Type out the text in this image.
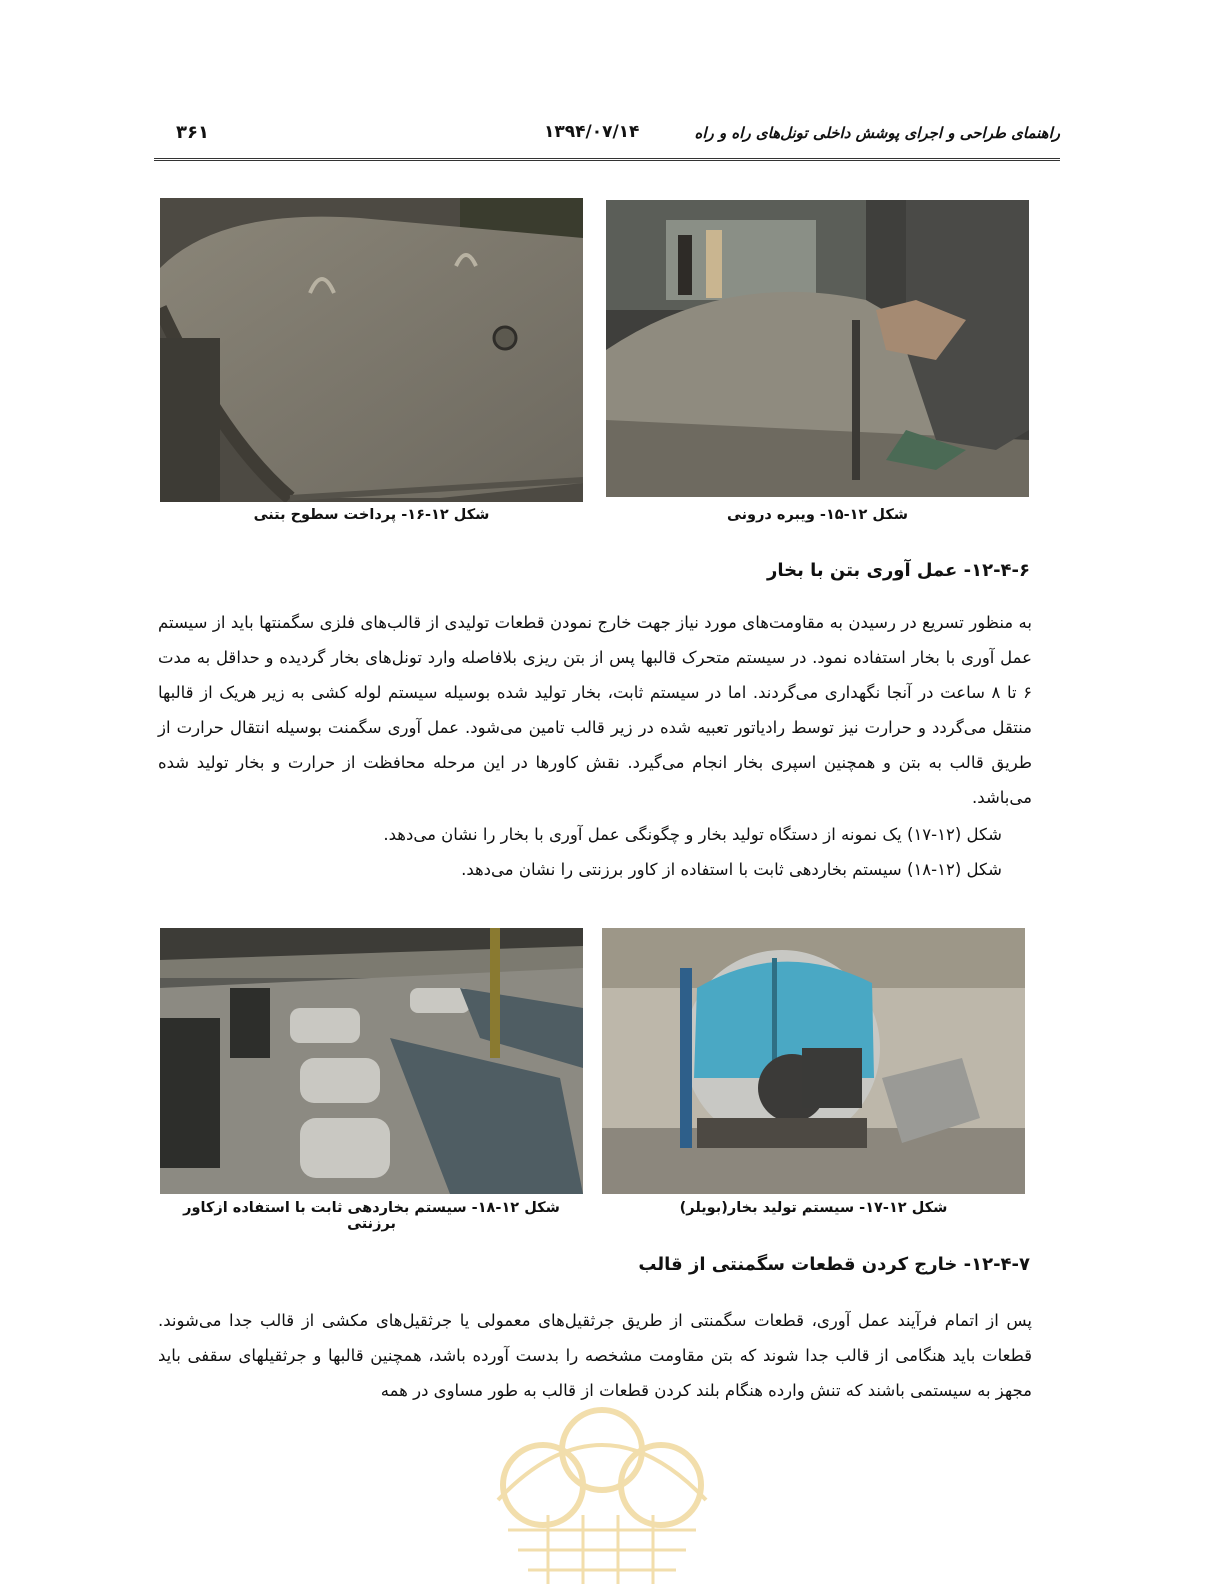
راهنمای طراحی و اجرای پوشش داخلی تونل‌های راه و راه
۱۳۹۴/۰۷/۱۴
۳۶۱
شکل ۱۲-۱۶- پرداخت سطوح بتنی	شکل ۱۲-۱۵- ویبره درونی
۱۲-۴-۶- عمل آوری بتن با بخار

به منظور تسریع در رسیدن به مقاومت‌های مورد نیاز جهت خارج نمودن قطعات تولیدی از قالب‌های فلزی سگمنتها باید از سیستم عمل آوری با بخار استفاده نمود. در سیستم متحرک قالبها پس از بتن ریزی بلافاصله وارد تونل‌های بخار گردیده و حداقل به مدت ۶ تا ۸ ساعت در آنجا نگهداری می‌گردند. اما در سیستم ثابت، بخار تولید شده بوسیله سیستم لوله کشی به زیر هریک از قالبها منتقل می‌گردد و حرارت نیز توسط رادیاتور تعبیه شده در زیر قالب تامین می‌شود. عمل آوری سگمنت بوسیله انتقال حرارت از طریق قالب به بتن و همچنین اسپری بخار انجام می‌گیرد. نقش کاورها در این مرحله محافظت از حرارت و بخار تولید شده می‌باشد.

شکل (۱۲-۱۷) یک نمونه از دستگاه تولید بخار و چگونگی عمل آوری با بخار را نشان می‌دهد.
شکل (۱۲-۱۸) سیستم بخاردهی ثابت با استفاده از کاور برزنتی را نشان می‌دهد.
شکل ۱۲-۱۸- سیستم بخاردهی ثابت با استفاده ازکاور برزنتی
شکل ۱۲-۱۷- سیستم تولید بخار(بویلر)
۱۲-۴-۷- خارج کردن قطعات سگمنتی از قالب

پس از اتمام فرآیند عمل آوری، قطعات سگمنتی از طریق جرثقیل‌های معمولی یا جرثقیل‌های مکشی از قالب جدا می‌شوند. قطعات باید هنگامی از قالب جدا شوند که بتن مقاومت مشخصه را بدست آورده باشد، همچنین قالبها و جرثقیلهای سقفی باید مجهز به سیستمی باشند که تنش وارده هنگام بلند کردن قطعات از قالب به طور مساوی در همه
